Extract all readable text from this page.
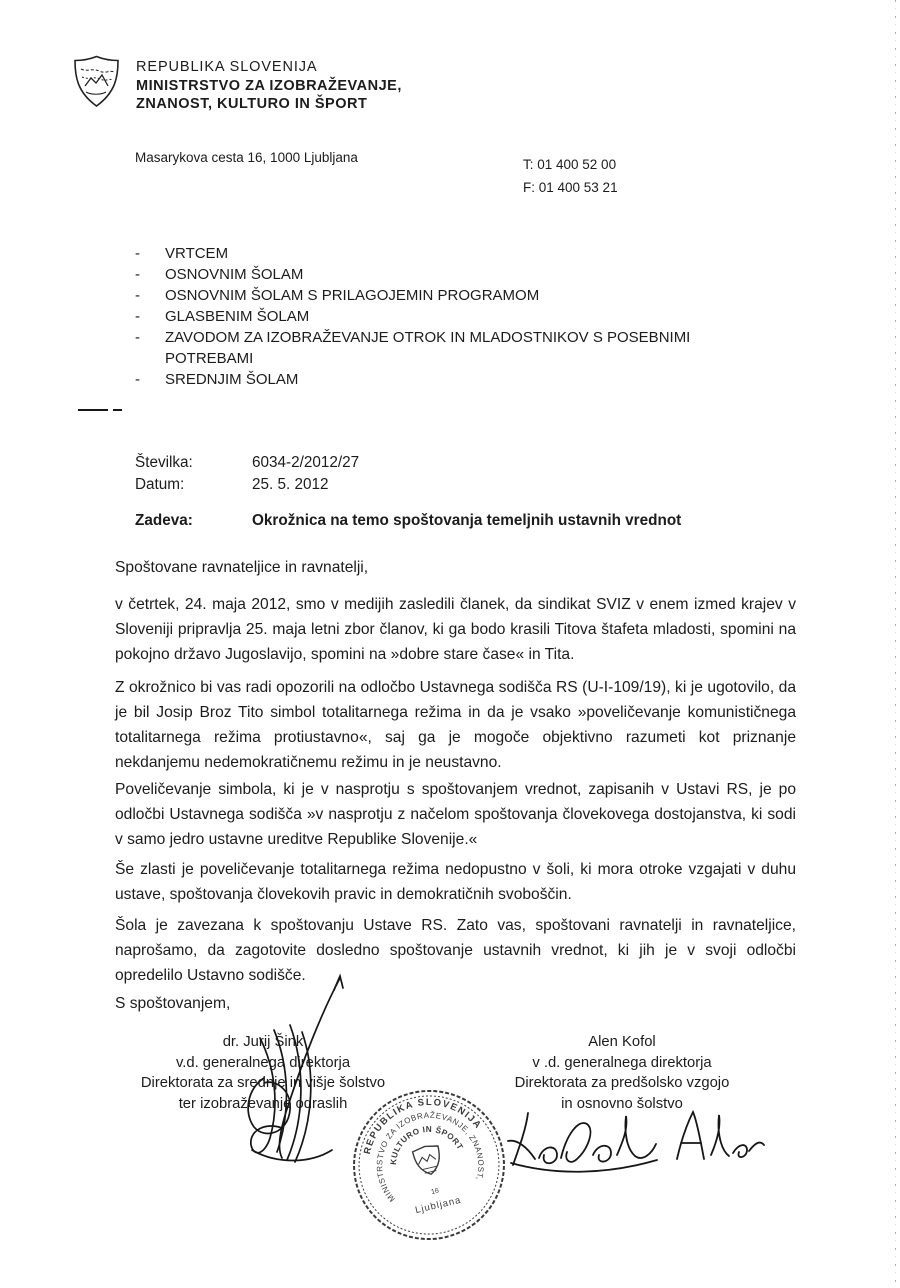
REPUBLIKA SLOVENIJA
MINISTRSTVO ZA IZOBRAŽEVANJE,
ZNANOST, KULTURO IN ŠPORT
Masarykova cesta 16, 1000 Ljubljana	T: 01 400 52 00
F: 01 400 53 21
-	VRTCEM
-	OSNOVNIM ŠOLAM
-	OSNOVNIM ŠOLAM S PRILAGOJEMIN PROGRAMOM
-	GLASBENIM ŠOLAM
-	ZAVODOM ZA IZOBRAŽEVANJE OTROK IN MLADOSTNIKOV S POSEBNIMI POTREBAMI
-	SREDNJIM ŠOLAM
Številka:	6034-2/2012/27
Datum:	25. 5. 2012
Zadeva:	Okrožnica na temo spoštovanja temeljnih ustavnih vrednot
Spoštovane ravnateljice in ravnatelji,
v četrtek, 24. maja 2012, smo v medijih zasledili članek, da sindikat SVIZ v enem izmed krajev v Sloveniji pripravlja 25. maja letni zbor članov, ki ga bodo krasili Titova štafeta mladosti, spomini na pokojno državo Jugoslavijo, spomini na »dobre stare čase« in Tita.
Z okrožnico bi vas radi opozorili na odločbo Ustavnega sodišča RS (U-I-109/19), ki je ugotovilo, da je bil Josip Broz Tito simbol totalitarnega režima in da je vsako »poveličevanje komunističnega totalitarnega režima protiustavno«, saj ga je mogoče objektivno razumeti kot priznanje nekdanjemu nedemokratičnemu režimu in je neustavno.
Poveličevanje simbola, ki je v nasprotju s spoštovanjem vrednot, zapisanih v Ustavi RS, je po odločbi Ustavnega sodišča »v nasprotju z načelom spoštovanja človekovega dostojanstva, ki sodi v samo jedro ustavne ureditve Republike Slovenije.«
Še zlasti je poveličevanje totalitarnega režima nedopustno v šoli, ki mora otroke vzgajati v duhu ustave, spoštovanja človekovih pravic in demokratičnih svoboščin.
Šola je zavezana k spoštovanju Ustave RS. Zato vas, spoštovani ravnatelji in ravnateljice, naprošamo, da zagotovite dosledno spoštovanje ustavnih vrednot, ki jih je v svoji odločbi opredelilo Ustavno sodišče.
S spoštovanjem,
dr. Jurij Šink
v.d. generalnega direktorja
Direktorata za srednje in višje šolstvo
ter izobraževanje odraslih
Alen Kofol
v .d. generalnega direktorja
Direktorata za predšolsko vzgojo
in osnovno šolstvo
REPUBLIKA SLOVENIJA
MINISTRSTVO ZA IZOBRAŽEVANJE, ZNANOST,
KULTURO IN ŠPORT
16
Ljubljana
